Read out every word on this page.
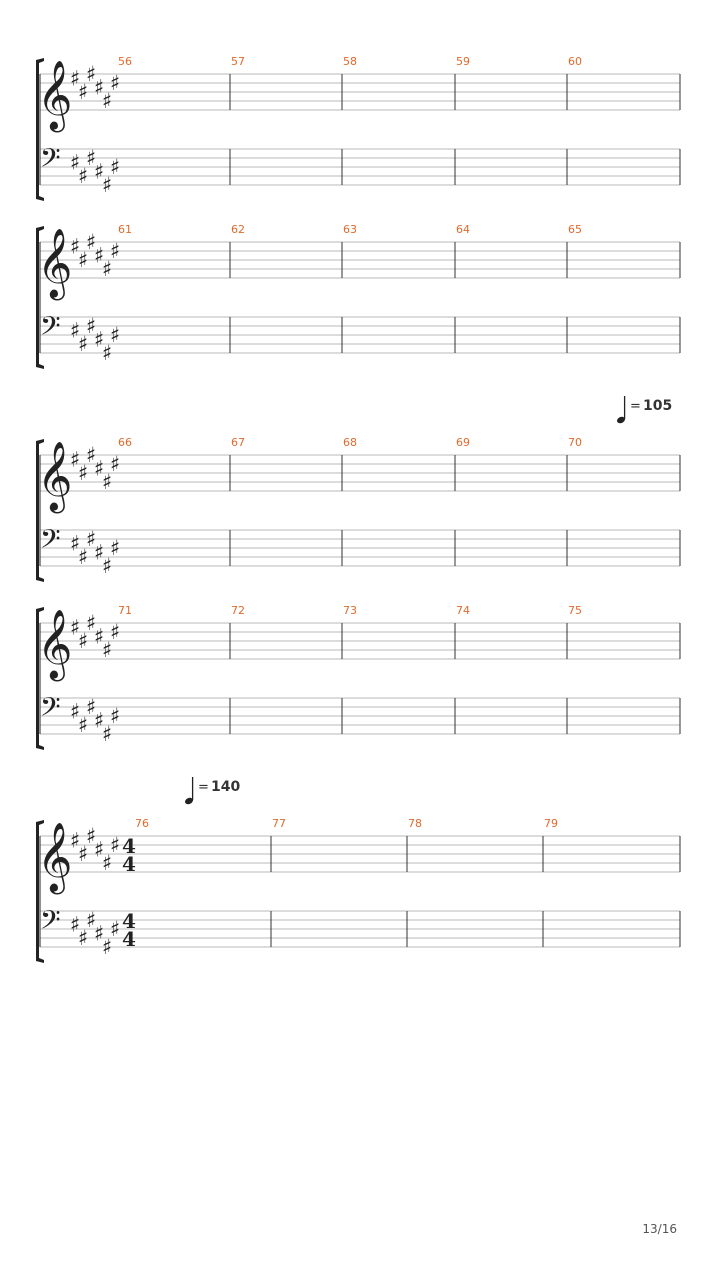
𝄞
𝄢
♯
♯
♯
♯
♯
♯
♯
♯
♯
♯
♯
♯
56	57	58	59	60
𝄞
𝄢
♯
♯
♯
♯
♯
♯
♯
♯
♯
♯
♯
♯
61	62	63	64	65
𝄞
𝄢
♯
♯
♯
♯
♯
♯
♯
♯
♯
♯
♯
♯
66	67	68	69	70
= 105
𝄞
𝄢
♯
♯
♯
♯
♯
♯
♯
♯
♯
♯
♯
♯
71	72	73	74	75
𝄞
𝄢
♯
♯
♯
♯
♯
♯
♯
♯
♯
♯
♯
♯
4
4
4
4
76	77	78	79
= 140
13/16
